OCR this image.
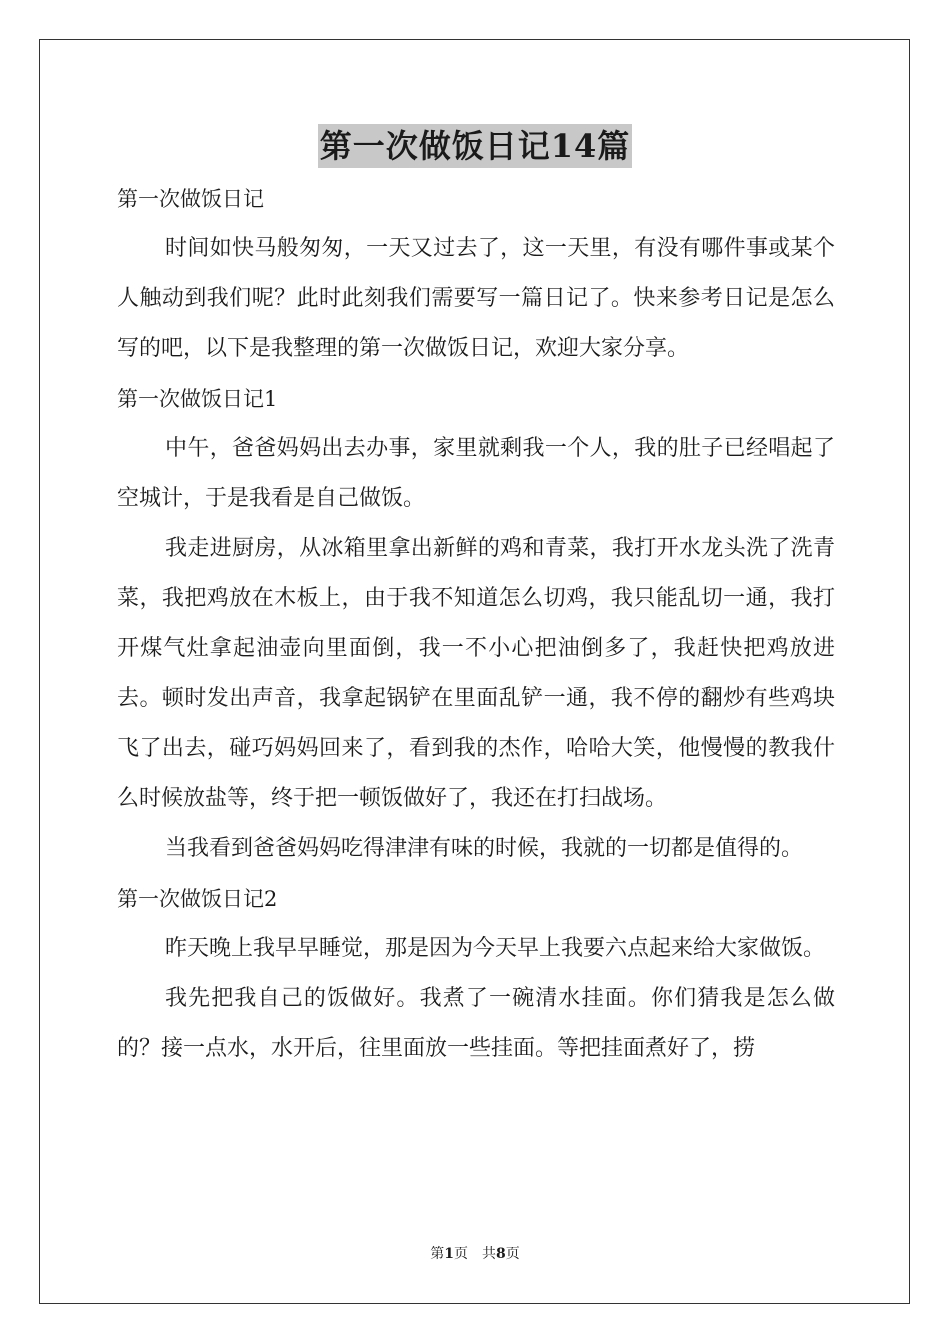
第一次做饭日记14篇

第一次做饭日记

时间如快马般匆匆，一天又过去了，这一天里，有没有哪件事或某个人触动到我们呢？此时此刻我们需要写一篇日记了。快来参考日记是怎么写的吧，以下是我整理的第一次做饭日记，欢迎大家分享。

第一次做饭日记1

中午，爸爸妈妈出去办事，家里就剩我一个人，我的肚子已经唱起了空城计，于是我看是自己做饭。

我走进厨房，从冰箱里拿出新鲜的鸡和青菜，我打开水龙头洗了洗青菜，我把鸡放在木板上，由于我不知道怎么切鸡，我只能乱切一通，我打开煤气灶拿起油壶向里面倒，我一不小心把油倒多了，我赶快把鸡放进去。顿时发出声音，我拿起锅铲在里面乱铲一通，我不停的翻炒有些鸡块飞了出去，碰巧妈妈回来了，看到我的杰作，哈哈大笑，他慢慢的教我什么时候放盐等，终于把一顿饭做好了，我还在打扫战场。

当我看到爸爸妈妈吃得津津有味的时候，我就的一切都是值得的。

第一次做饭日记2

昨天晚上我早早睡觉，那是因为今天早上我要六点起来给大家做饭。

我先把我自己的饭做好。我煮了一碗清水挂面。你们猜我是怎么做的？接一点水，水开后，往里面放一些挂面。等把挂面煮好了，捞

第1页　共8页
